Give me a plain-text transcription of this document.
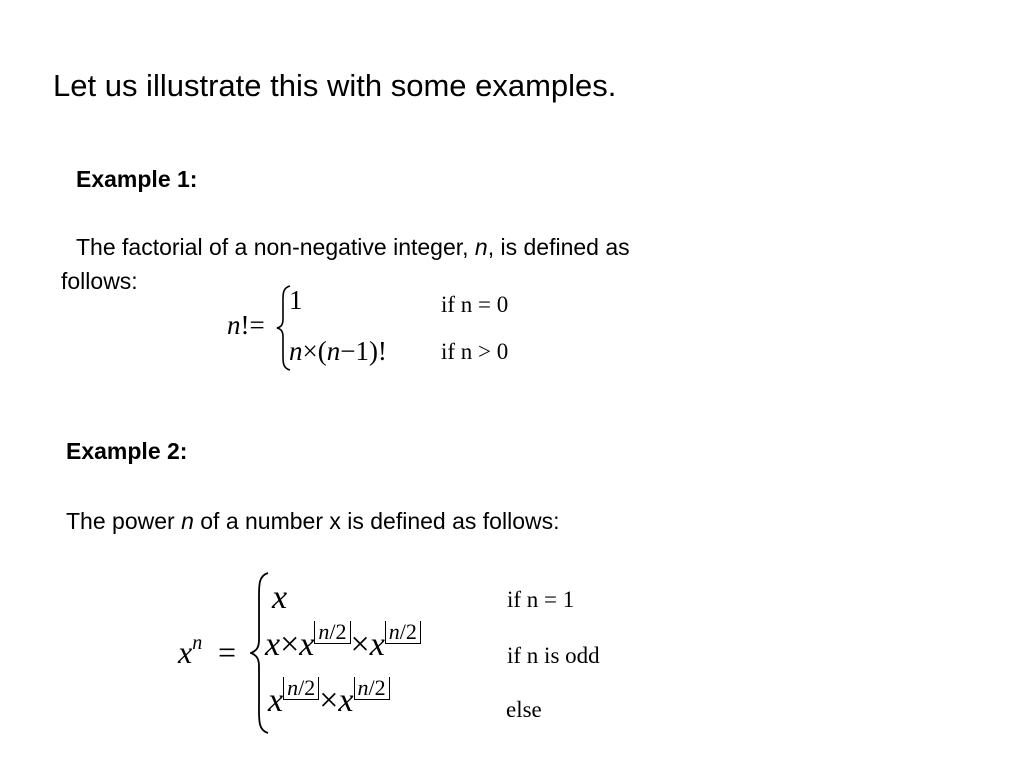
Let us illustrate this with some examples.
Example 1:
The factorial of a non-negative integer, n, is defined as
follows:
n!=
1	if n = 0
n×(n−1)! if n > 0
Example 2:
The power n of a number x is defined as follows:
$x^n$ =
x	if n = 1
x×x $^{n/2}$ ×x $^{n/2}$
if n is odd
x $^{n/2}$ ×x $^{n/2}$
else
